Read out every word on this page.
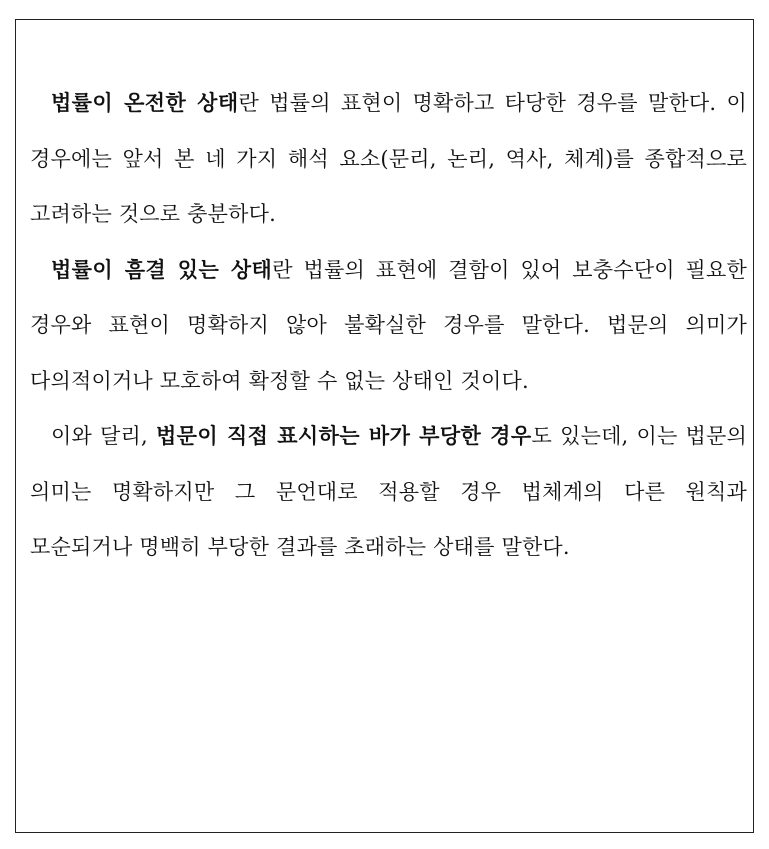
법률이 온전한 상태란 법률의 표현이 명확하고 타당한 경우를 말한다. 이 경우에는 앞서 본 네 가지 해석 요소(문리, 논리, 역사, 체계)를 종합적으로 고려하는 것으로 충분하다.

법률이 흠결 있는 상태란 법률의 표현에 결함이 있어 보충수단이 필요한 경우와 표현이 명확하지 않아 불확실한 경우를 말한다. 법문의 의미가 다의적이거나 모호하여 확정할 수 없는 상태인 것이다.

이와 달리, 법문이 직접 표시하는 바가 부당한 경우도 있는데, 이는 법문의 의미는 명확하지만 그 문언대로 적용할 경우 법체계의 다른 원칙과 모순되거나 명백히 부당한 결과를 초래하는 상태를 말한다.
